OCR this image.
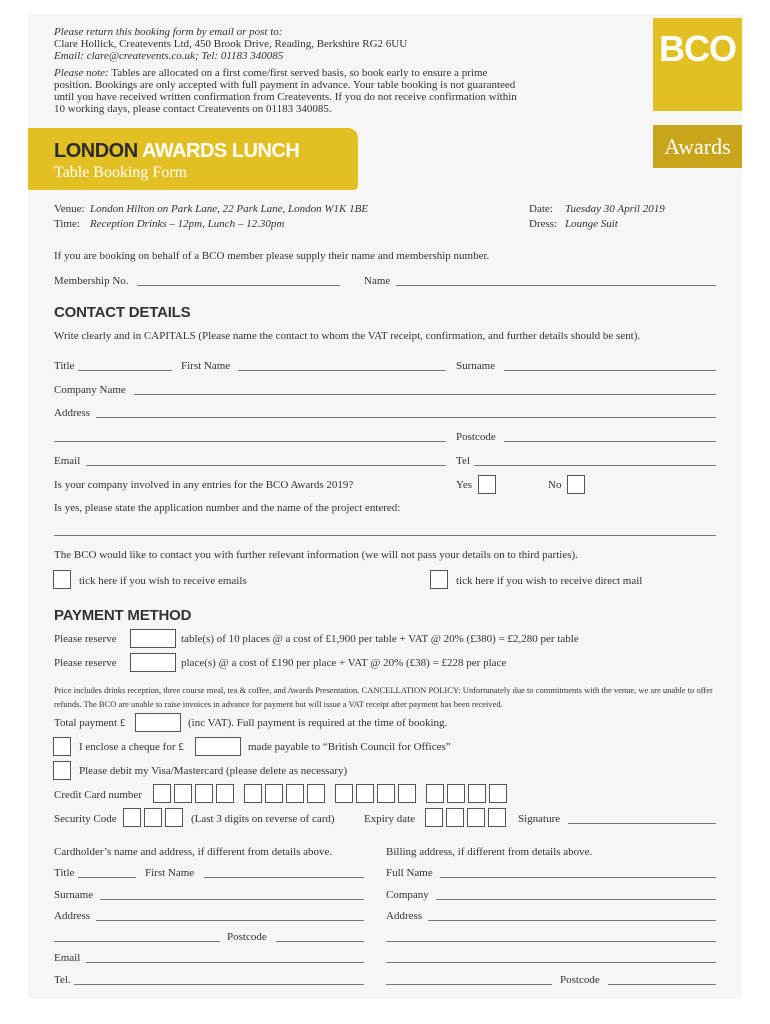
Please return this booking form by email or post to:
Clare Hollick, Createvents Ltd, 450 Brook Drive, Reading, Berkshire RG2 6UU
Email: clare@createvents.co.uk; Tel: 01183 340085
Please note: Tables are allocated on a first come/first served basis, so book early to ensure a prime
position. Bookings are only accepted with full payment in advance. Your table booking is not guaranteed
until you have received written confirmation from Createvents. If you do not receive confirmation within
10 working days, please contact Createvents on 01183 340085.
BCO
Awards
LONDON AWARDS LUNCH
Table Booking Form
Venue: London Hilton on Park Lane, 22 Park Lane, London W1K 1BE
Time: Reception Drinks – 12pm, Lunch – 12.30pm
Date: Tuesday 30 April 2019
Dress: Lounge Suit
If you are booking on behalf of a BCO member please supply their name and membership number.
Membership No.	Name
CONTACT DETAILS
Write clearly and in CAPITALS (Please name the contact to whom the VAT receipt, confirmation, and further details should be sent).
Title	First Name	Surname
Company Name
Address
Postcode
Email	Tel
Is your company involved in any entries for the BCO Awards 2019?	Yes	No
Is yes, please state the application number and the name of the project entered:
The BCO would like to contact you with further relevant information (we will not pass your details on to third parties).
tick here if you wish to receive emails	tick here if you wish to receive direct mail
PAYMENT METHOD
Please reserve	table(s) of 10 places @ a cost of £1,900 per table + VAT @ 20% (£380) = £2,280 per table
Please reserve	place(s) @ a cost of £190 per place + VAT @ 20% (£38) = £228 per place
Price includes drinks reception, three course meal, tea & coffee, and Awards Presentation. CANCELLATION POLICY: Unfortunately due to commitments with the venue, we are unable to offer refunds. The BCO are unable to raise invoices in advance for payment but will issue a VAT receipt after payment has been received.
Total payment £	(inc VAT). Full payment is required at the time of booking.
I enclose a cheque for £	made payable to “British Council for Offices”
Please debit my Visa/Mastercard (please delete as necessary)
Credit Card number
Security Code	(Last 3 digits on reverse of card)	Expiry date	Signature
Cardholder’s name and address, if different from details above.
Title	First Name
Surname
Address
Postcode
Email
Tel.
Billing address, if different from details above.
Full Name
Company
Address
Postcode
